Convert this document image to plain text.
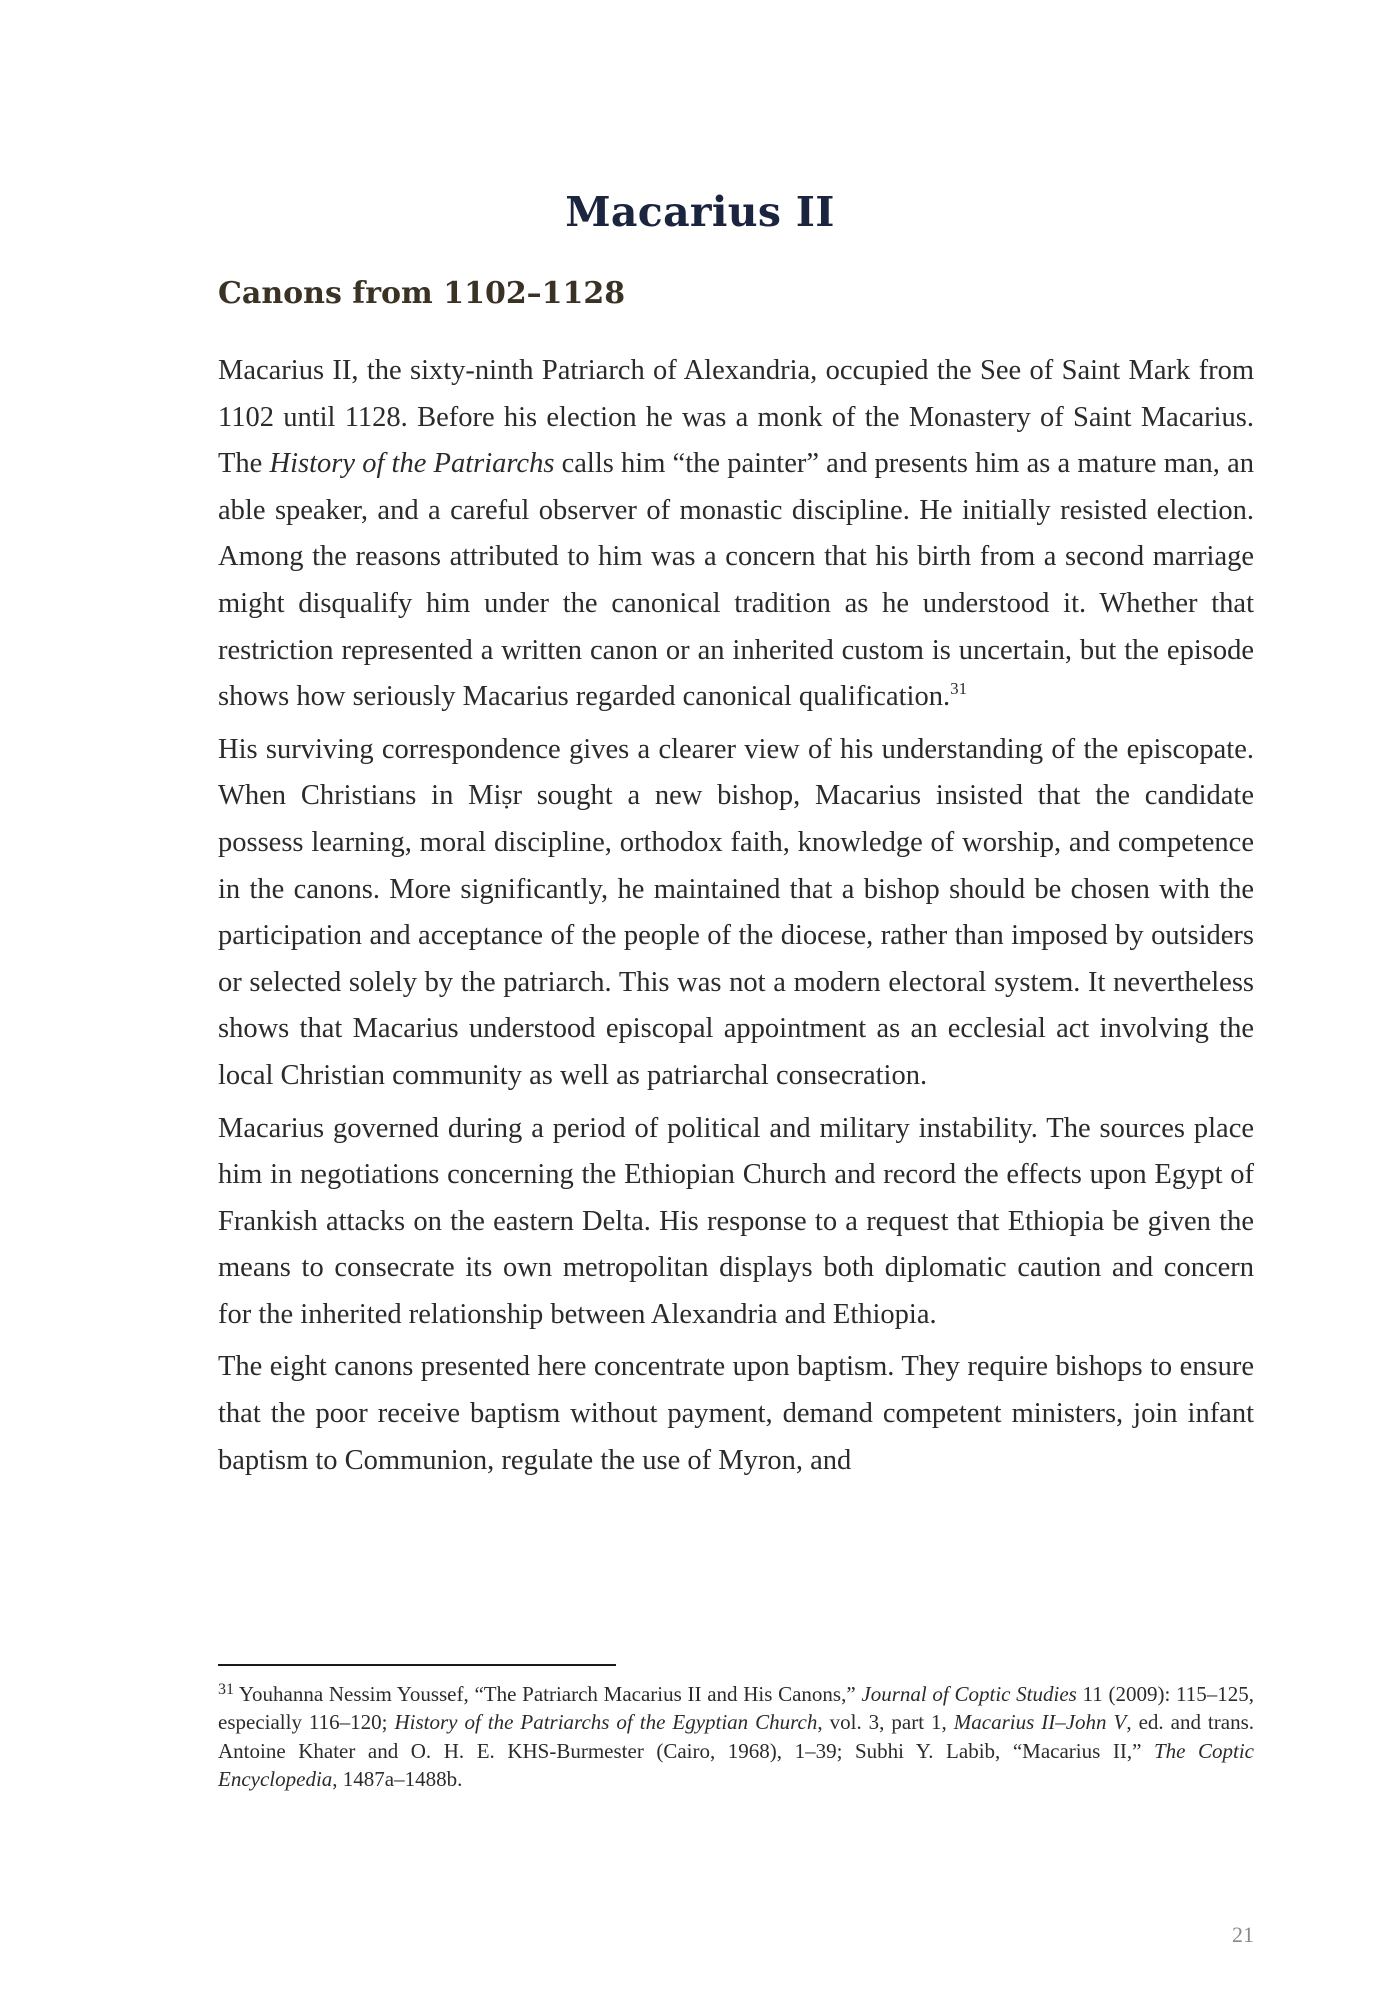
Macarius II
Canons from 1102–1128

Macarius II, the sixty-ninth Patriarch of Alexandria, occupied the See of Saint Mark from 1102 until 1128. Before his election he was a monk of the Monastery of Saint Macarius. The History of the Patriarchs calls him “the painter” and presents him as a mature man, an able speaker, and a careful observer of monastic discipline. He initially resisted election. Among the reasons attributed to him was a concern that his birth from a second marriage might disqualify him under the canonical tradition as he understood it. Whether that restriction represented a written canon or an inherited custom is uncertain, but the episode shows how seriously Macarius regarded canonical qualification.$^{31}$

His surviving correspondence gives a clearer view of his understanding of the episcopate. When Christians in Miṣr sought a new bishop, Macarius insisted that the candidate possess learning, moral discipline, orthodox faith, knowledge of worship, and competence in the canons. More significantly, he maintained that a bishop should be chosen with the participation and acceptance of the people of the diocese, rather than imposed by outsiders or selected solely by the patriarch. This was not a modern electoral system. It nevertheless shows that Macarius understood episcopal appointment as an ecclesial act involving the local Christian community as well as patriarchal consecration.

Macarius governed during a period of political and military instability. The sources place him in negotiations concerning the Ethiopian Church and record the effects upon Egypt of Frankish attacks on the eastern Delta. His response to a request that Ethiopia be given the means to consecrate its own metropolitan displays both diplomatic caution and concern for the inherited relationship between Alexandria and Ethiopia.

The eight canons presented here concentrate upon baptism. They require bishops to ensure that the poor receive baptism without payment, demand competent ministers, join infant baptism to Communion, regulate the use of Myron, and

$^{31}$ Youhanna Nessim Youssef, “The Patriarch Macarius II and His Canons,” Journal of Coptic Studies 11 (2009): 115–125, especially 116–120; History of the Patriarchs of the Egyptian Church, vol. 3, part 1, Macarius II–John V, ed. and trans. Antoine Khater and O. H. E. KHS-Burmester (Cairo, 1968), 1–39; Subhi Y. Labib, “Macarius II,” The Coptic Encyclopedia, 1487a–1488b.

21
